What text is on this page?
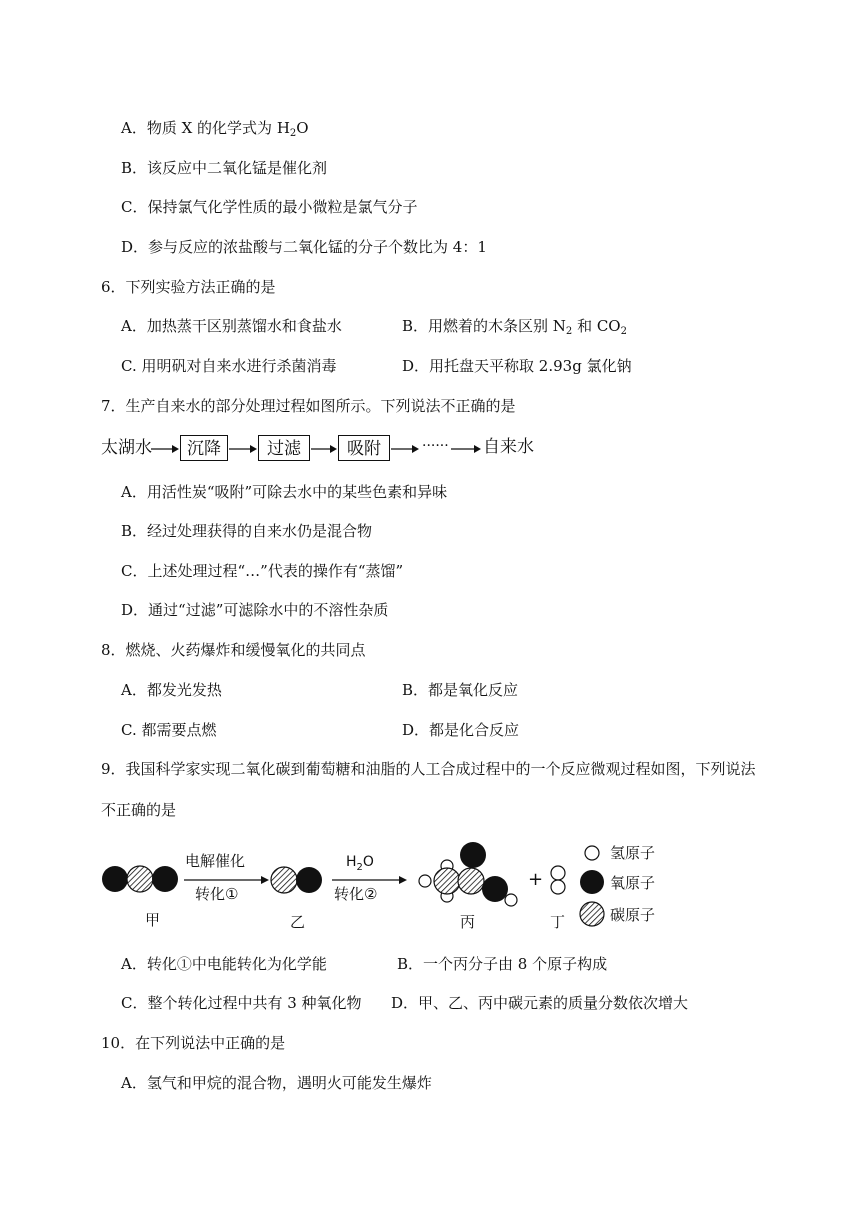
A．物质 X 的化学式为 $H_2O$
B．该反应中二氧化锰是催化剂
C．保持氯气化学性质的最小微粒是氯气分子
D．参与反应的浓盐酸与二氧化锰的分子个数比为 4：1
6．下列实验方法正确的是
A．加热蒸干区别蒸馏水和食盐水	B．用燃着的木条区别 $N_2$ 和 $CO_2$
C. 用明矾对自来水进行杀菌消毒	D．用托盘天平称取 2.93g 氯化钠
7．生产自来水的部分处理过程如图所示。下列说法不正确的是
太湖水	沉降	过滤	吸附	······ 自来水
A．用活性炭“吸附”可除去水中的某些色素和异味
B．经过处理获得的自来水仍是混合物
C．上述处理过程“…”代表的操作有“蒸馏”
D．通过“过滤”可滤除水中的不溶性杂质
8．燃烧、火药爆炸和缓慢氧化的共同点
A．都发光发热	B．都是氧化反应
C. 都需要点燃	D．都是化合反应
9．我国科学家实现二氧化碳到葡萄糖和油脂的人工合成过程中的一个反应微观过程如图，下列说法
不正确的是
甲
电解催化
转化①
乙
$H_2O$
转化②
丙
+
丁
氢原子
氧原子
碳原子
A．转化①中电能转化为化学能	B．一个丙分子由 8 个原子构成
C．整个转化过程中共有 3 种氧化物 D．甲、乙、丙中碳元素的质量分数依次增大
10．在下列说法中正确的是
A．氢气和甲烷的混合物，遇明火可能发生爆炸
